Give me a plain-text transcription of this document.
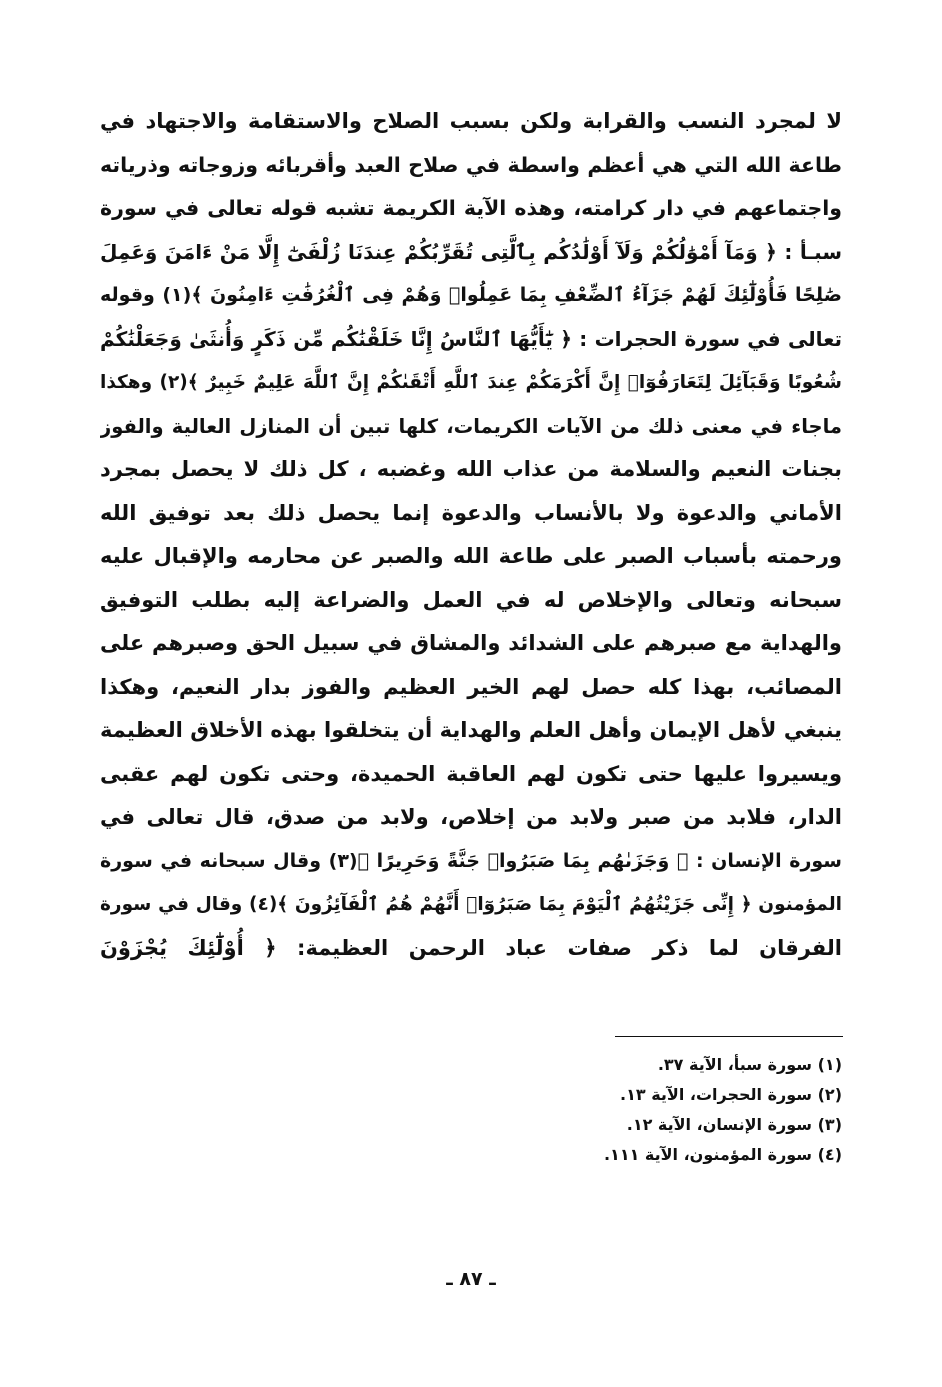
لا لمجرد النسب والقرابة ولكن بسبب الصلاح والاستقامة والاجتهاد في
طاعة الله التي هي أعظم واسطة في صلاح العبد وأقربائه وزوجاته وذرياته
واجتماعهم في دار كرامته، وهذه الآية الكريمة تشبه قوله تعالى في سورة
سبـأ : ﴿ وَمَآ أَمْوَٰلُكُمْ وَلَآ أَوْلَٰدُكُم بِٱلَّتِى تُقَرِّبُكُمْ عِندَنَا زُلْفَىٰٓ إِلَّا مَنْ ءَامَنَ وَعَمِلَ
صَٰلِحًا فَأُوْلَٰٓئِكَ لَهُمْ جَزَآءُ ٱلضِّعْفِ بِمَا عَمِلُوا۟ وَهُمْ فِى ٱلْغُرُفَٰتِ ءَامِنُونَ ﴾(١) وقوله
تعالى في سورة الحجرات : ﴿ يَٰٓأَيُّهَا ٱلنَّاسُ إِنَّا خَلَقْنَٰكُم مِّن ذَكَرٍ وَأُنثَىٰ وَجَعَلْنَٰكُمْ
شُعُوبًا وَقَبَآئِلَ لِتَعَارَفُوٓا۟ إِنَّ أَكْرَمَكُمْ عِندَ ٱللَّهِ أَتْقَىٰكُمْ إِنَّ ٱللَّهَ عَلِيمٌ خَبِيرٌ ﴾(٢) وهكذا
ماجاء في معنى ذلك من الآيات الكريمات، كلها تبين أن المنازل العالية والفوز
بجنات النعيم والسلامة من عذاب الله وغضبه ، كل ذلك لا يحصل بمجرد
الأماني والدعوة ولا بالأنساب والدعوة إنما يحصل ذلك بعد توفيق الله
ورحمته بأسباب الصبر على طاعة الله والصبر عن محارمه والإقبال عليه
سبحانه وتعالى والإخلاص له في العمل والضراعة إليه بطلب التوفيق
والهداية مع صبرهم على الشدائد والمشاق في سبيل الحق وصبرهم على
المصائب، بهذا كله حصل لهم الخير العظيم والفوز بدار النعيم، وهكذا
ينبغي لأهل الإيمان وأهل العلم والهداية أن يتخلقوا بهذه الأخلاق العظيمة
ويسيروا عليها حتى تكون لهم العاقبة الحميدة، وحتى تكون لهم عقبى
الدار، فلابد من صبر ولابد من إخلاص، ولابد من صدق، قال تعالى في
سورة الإنسان : ﴿ وَجَزَىٰهُم بِمَا صَبَرُوا۟ جَنَّةً وَحَرِيرًا ﴾(٣) وقال سبحانه في سورة
المؤمنون ﴿ إِنِّى جَزَيْتُهُمُ ٱلْيَوْمَ بِمَا صَبَرُوٓا۟ أَنَّهُمْ هُمُ ٱلْفَآئِزُونَ ﴾(٤) وقال في سورة
الفرقان لما ذكر صفات عباد الرحمن العظيمة: ﴿ أُوْلَٰٓئِكَ يُجْزَوْنَ
(١) سورة سبأ، الآية ٣٧.
(٢) سورة الحجرات، الآية ١٣.
(٣) سورة الإنسان، الآية ١٢.
(٤) سورة المؤمنون، الآية ١١١.
ـ ٨٧ ـ
